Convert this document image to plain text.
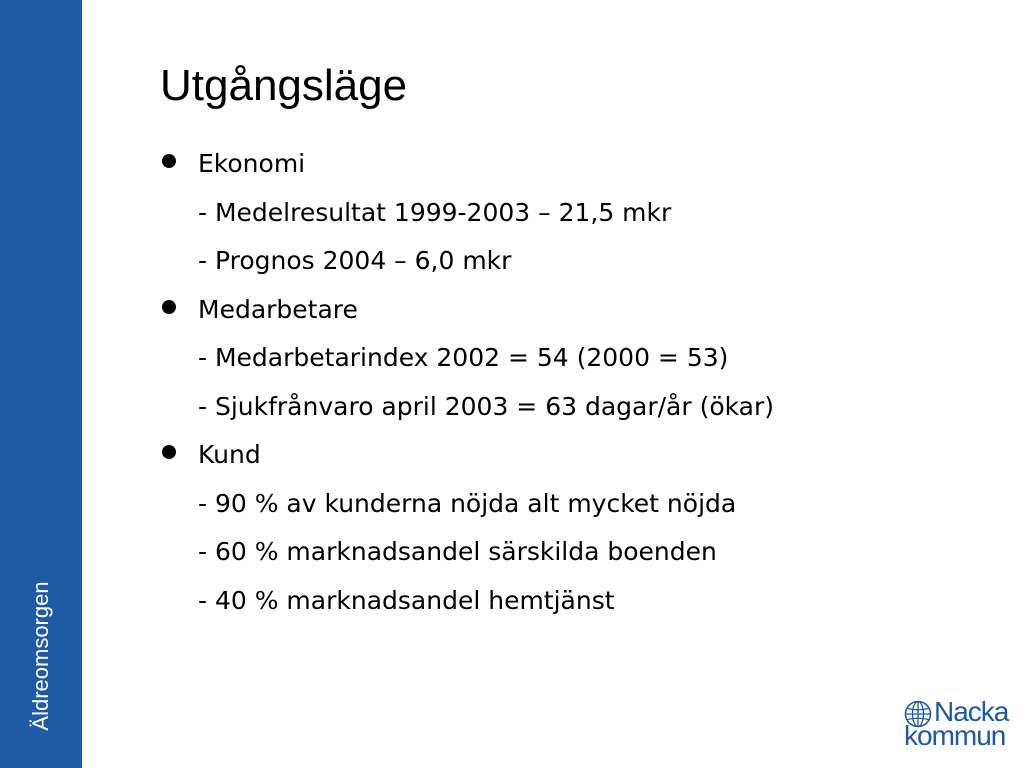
Äldreomsorgen
Utgångsläge
Ekonomi
- Medelresultat 1999-2003 – 21,5 mkr
- Prognos 2004 – 6,0 mkr
Medarbetare
- Medarbetarindex 2002 = 54 (2000 = 53)
- Sjukfrånvaro april 2003 = 63 dagar/år (ökar)
Kund
- 90 % av kunderna nöjda alt mycket nöjda
- 60 % marknadsandel särskilda boenden
- 40 % marknadsandel hemtjänst
Nacka
kommun
